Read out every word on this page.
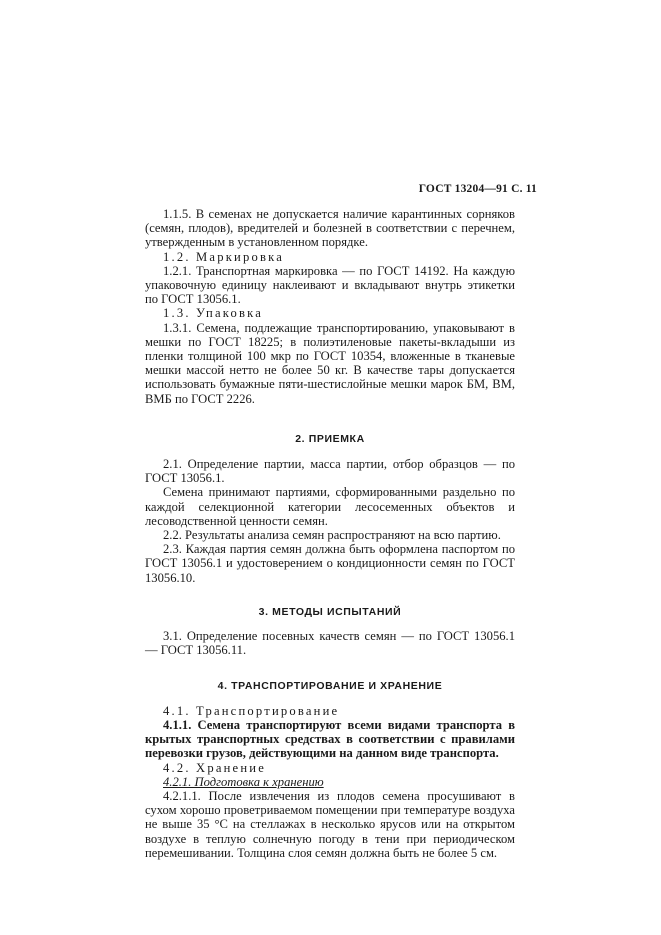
ГОСТ 13204—91 С. 11

1.1.5. В семенах не допускается наличие карантинных сорняков (семян, плодов), вредителей и болезней в соответствии с перечнем, утвержденным в установленном порядке.

1.2. Маркировка

1.2.1. Транспортная маркировка — по ГОСТ 14192. На каждую упаковочную единицу наклеивают и вкладывают внутрь этикетки по ГОСТ 13056.1.

1.3. Упаковка

1.3.1. Семена, подлежащие транспортированию, упаковывают в мешки по ГОСТ 18225; в полиэтиленовые пакеты-вкладыши из пленки толщиной 100 мкр по ГОСТ 10354, вложенные в тканевые мешки массой нетто не более 50 кг. В качестве тары допускается использовать бумажные пяти-шестислойные мешки марок БМ, ВМ, ВМБ по ГОСТ 2226.

2. ПРИЕМКА

2.1. Определение партии, масса партии, отбор образцов — по ГОСТ 13056.1.

Семена принимают партиями, сформированными раздельно по каждой селекционной категории лесосеменных объектов и лесоводственной ценности семян.

2.2. Результаты анализа семян распространяют на всю партию.

2.3. Каждая партия семян должна быть оформлена паспортом по ГОСТ 13056.1 и удостоверением о кондиционности семян по ГОСТ 13056.10.

3. МЕТОДЫ ИСПЫТАНИЙ

3.1. Определение посевных качеств семян — по ГОСТ 13056.1 — ГОСТ 13056.11.

4. ТРАНСПОРТИРОВАНИЕ И ХРАНЕНИЕ

4.1. Транспортирование

4.1.1. Семена транспортируют всеми видами транспорта в крытых транспортных средствах в соответствии с правилами перевозки грузов, действующими на данном виде транспорта.

4.2. Хранение

4.2.1. Подготовка к хранению

4.2.1.1. После извлечения из плодов семена просушивают в сухом хорошо проветриваемом помещении при температуре воздуха не выше 35 °С на стеллажах в несколько ярусов или на открытом воздухе в теплую солнечную погоду в тени при периодическом перемешивании. Толщина слоя семян должна быть не более 5 см.
